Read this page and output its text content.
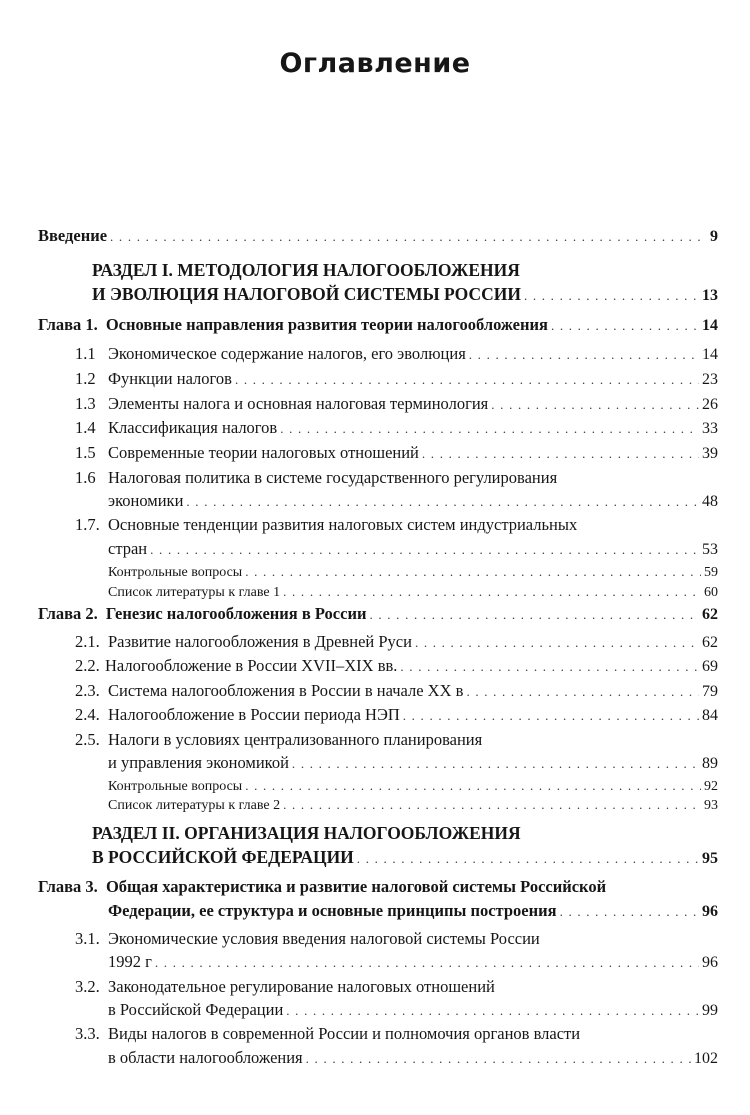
Оглавление
Введение . . .	9
РАЗДЕЛ I. МЕТОДОЛОГИЯ НАЛОГООБЛОЖЕНИЯ
И ЭВОЛЮЦИЯ НАЛОГОВОЙ СИСТЕМЫ РОССИИ . . .	13
Глава 1. Основные направления развития теории налогообложения . . .	14
1.1 Экономическое содержание налогов, его эволюция . . .	14
1.2 Функции налогов . . .	23
1.3 Элементы налога и основная налоговая терминология . . .	26
1.4 Классификация налогов . . .	33
1.5 Современные теории налоговых отношений . . .	39
1.6 Налоговая политика в системе государственного регулирования
экономики . . .	48
1.7. Основные тенденции развития налоговых систем индустриальных
стран . . .	53
Контрольные вопросы . . .	59
Список литературы к главе 1 . . .	60
Глава 2. Генезис налогообложения в России . . .	62
2.1. Развитие налогообложения в Древней Руси . . .	62
2.2. Налогообложение в России XVII–XIX вв. . . .	69
2.3. Система налогообложения в России в начале XX в . . .	79
2.4. Налогообложение в России периода НЭП . . .	84
2.5. Налоги в условиях централизованного планирования
и управления экономикой . . .	89
Контрольные вопросы . . .	92
Список литературы к главе 2 . . .	93
РАЗДЕЛ II. ОРГАНИЗАЦИЯ НАЛОГООБЛОЖЕНИЯ
В РОССИЙСКОЙ ФЕДЕРАЦИИ . . .	95
Глава 3. Общая характеристика и развитие налоговой системы Российской
Федерации, ее структура и основные принципы построения . . .	96
3.1. Экономические условия введения налоговой системы России
1992 г . . .	96
3.2. Законодательное регулирование налоговых отношений
в Российской Федерации . . .	99
3.3. Виды налогов в современной России и полномочия органов власти
в области налогообложения . . .	102
